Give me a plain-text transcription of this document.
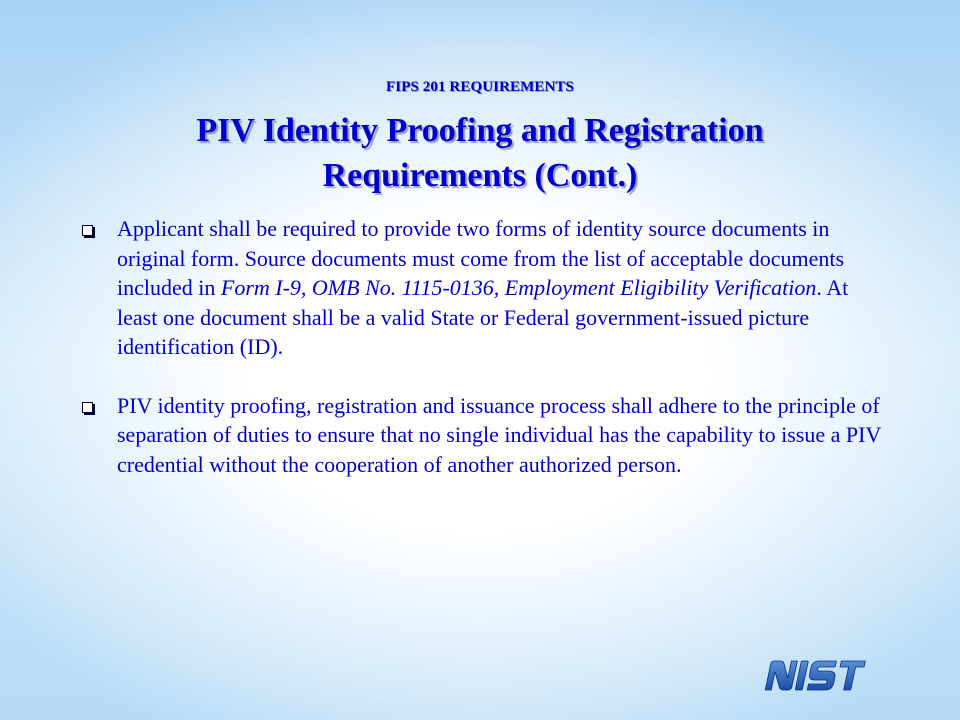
FIPS 201 REQUIREMENTS
PIV Identity Proofing and Registration
Requirements (Cont.)
Applicant shall be required to provide two forms of identity source documents in original form. Source documents must come from the list of acceptable documents included in Form I-9, OMB No. 1115-0136, Employment Eligibility Verification. At least one document shall be a valid State or Federal government-issued picture identification (ID).
PIV identity proofing, registration and issuance process shall adhere to the principle of separation of duties to ensure that no single individual has the capability to issue a PIV credential without the cooperation of another authorized person.
